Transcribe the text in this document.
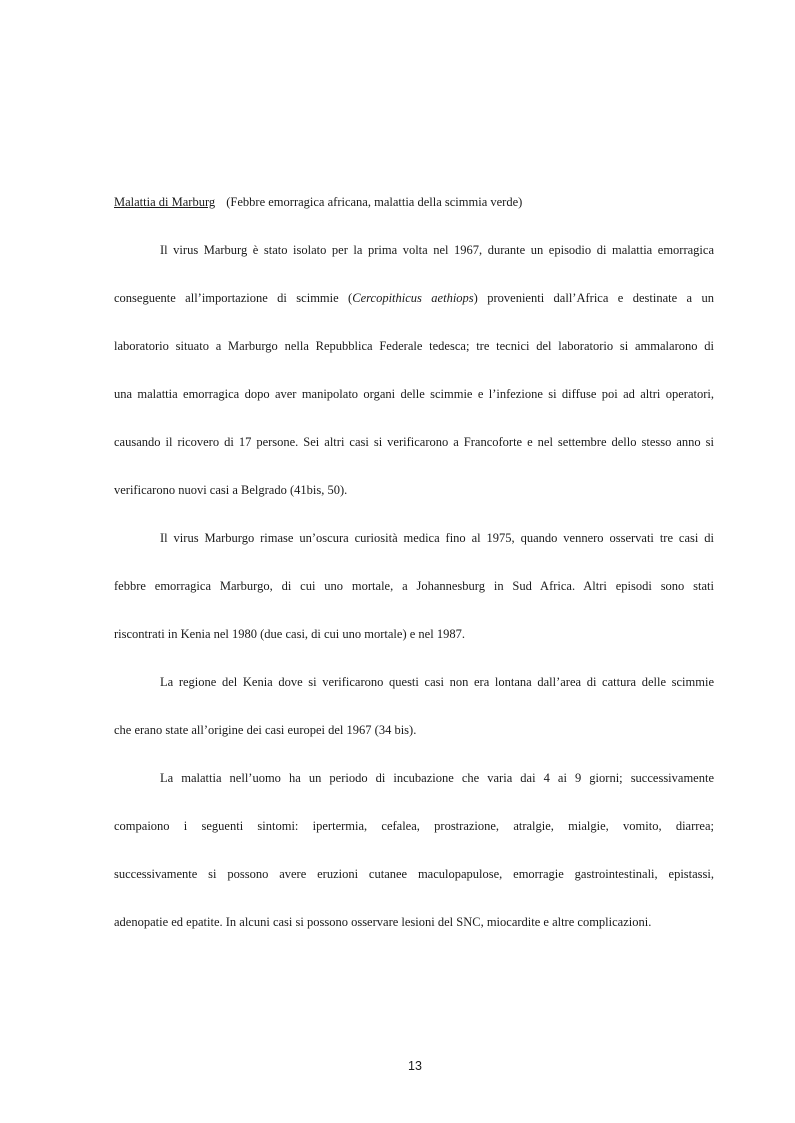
Malattia di Marburg (Febbre emorragica africana, malattia della scimmia verde)
Il virus Marburg è stato isolato per la prima volta nel 1967, durante un episodio di malattia emorragica
conseguente all’importazione di scimmie (Cercopithicus aethiops) provenienti dall’Africa e destinate a un
laboratorio situato a Marburgo nella Repubblica Federale tedesca; tre tecnici del laboratorio si ammalarono di
una malattia emorragica dopo aver manipolato organi delle scimmie e l’infezione si diffuse poi ad altri operatori,
causando il ricovero di 17 persone. Sei altri casi si verificarono a Francoforte e nel settembre dello stesso anno si
verificarono nuovi casi a Belgrado (41bis, 50).
Il virus Marburgo rimase un’oscura curiosità medica fino al 1975, quando vennero osservati tre casi di
febbre emorragica Marburgo, di cui uno mortale, a Johannesburg in Sud Africa. Altri episodi sono stati
riscontrati in Kenia nel 1980 (due casi, di cui uno mortale) e nel 1987.
La regione del Kenia dove si verificarono questi casi non era lontana dall’area di cattura delle scimmie
che erano state all’origine dei casi europei del 1967 (34 bis).
La malattia nell’uomo ha un periodo di incubazione che varia dai 4 ai 9 giorni; successivamente
compaiono i seguenti sintomi: ipertermia, cefalea, prostrazione, atralgie, mialgie, vomito, diarrea;
successivamente si possono avere eruzioni cutanee maculopapulose, emorragie gastrointestinali, epistassi,
adenopatie ed epatite. In alcuni casi si possono osservare lesioni del SNC, miocardite e altre complicazioni.
13
